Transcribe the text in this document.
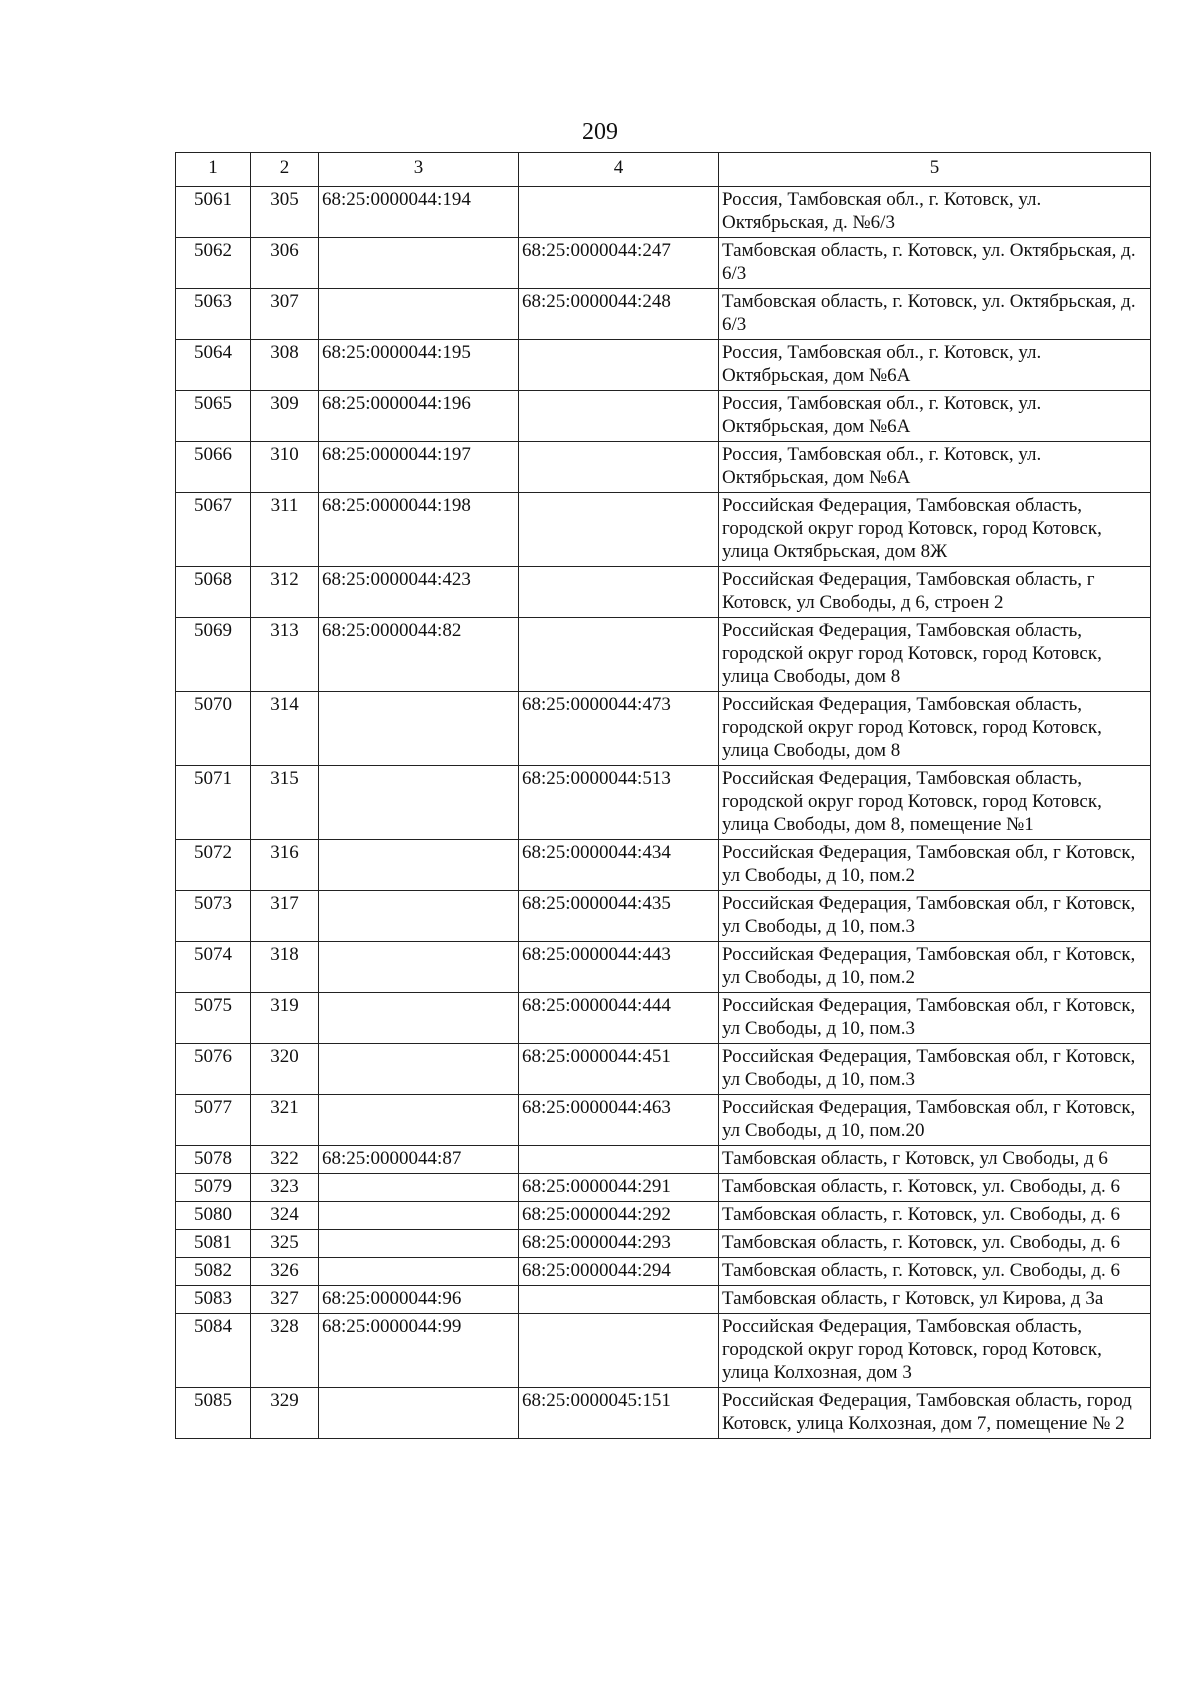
209
1	2	3	4	5
5061	305	68:25:0000044:194		Россия, Тамбовская обл., г. Котовск, ул. Октябрьская, д. №6/3
5062	306		68:25:0000044:247	Тамбовская область, г. Котовск, ул. Октябрьская, д. 6/3
5063	307		68:25:0000044:248	Тамбовская область, г. Котовск, ул. Октябрьская, д. 6/3
5064	308	68:25:0000044:195		Россия, Тамбовская обл., г. Котовск, ул. Октябрьская, дом №6А
5065	309	68:25:0000044:196		Россия, Тамбовская обл., г. Котовск, ул. Октябрьская, дом №6А
5066	310	68:25:0000044:197		Россия, Тамбовская обл., г. Котовск, ул. Октябрьская, дом №6А
5067	311	68:25:0000044:198		Российская Федерация, Тамбовская область, городской округ город Котовск, город Котовск, улица Октябрьская, дом 8Ж
5068	312	68:25:0000044:423		Российская Федерация, Тамбовская область, г Котовск, ул Свободы, д 6, строен 2
5069	313	68:25:0000044:82		Российская Федерация, Тамбовская область, городской округ город Котовск, город Котовск, улица Свободы, дом 8
5070	314		68:25:0000044:473	Российская Федерация, Тамбовская область, городской округ город Котовск, город Котовск, улица Свободы, дом 8
5071	315		68:25:0000044:513	Российская Федерация, Тамбовская область, городской округ город Котовск, город Котовск, улица Свободы, дом 8, помещение №1
5072	316		68:25:0000044:434	Российская Федерация, Тамбовская обл, г Котовск, ул Свободы, д 10, пом.2
5073	317		68:25:0000044:435	Российская Федерация, Тамбовская обл, г Котовск, ул Свободы, д 10, пом.3
5074	318		68:25:0000044:443	Российская Федерация, Тамбовская обл, г Котовск, ул Свободы, д 10, пом.2
5075	319		68:25:0000044:444	Российская Федерация, Тамбовская обл, г Котовск, ул Свободы, д 10, пом.3
5076	320		68:25:0000044:451	Российская Федерация, Тамбовская обл, г Котовск, ул Свободы, д 10, пом.3
5077	321		68:25:0000044:463	Российская Федерация, Тамбовская обл, г Котовск, ул Свободы, д 10, пом.20
5078	322	68:25:0000044:87		Тамбовская область, г Котовск, ул Свободы, д 6
5079	323		68:25:0000044:291	Тамбовская область, г. Котовск, ул. Свободы, д. 6
5080	324		68:25:0000044:292	Тамбовская область, г. Котовск, ул. Свободы, д. 6
5081	325		68:25:0000044:293	Тамбовская область, г. Котовск, ул. Свободы, д. 6
5082	326		68:25:0000044:294	Тамбовская область, г. Котовск, ул. Свободы, д. 6
5083	327	68:25:0000044:96		Тамбовская область, г Котовск, ул Кирова, д 3а
5084	328	68:25:0000044:99		Российская Федерация, Тамбовская область, городской округ город Котовск, город Котовск, улица Колхозная, дом 3
5085	329		68:25:0000045:151	Российская Федерация, Тамбовская область, город Котовск, улица Колхозная, дом 7, помещение № 2
